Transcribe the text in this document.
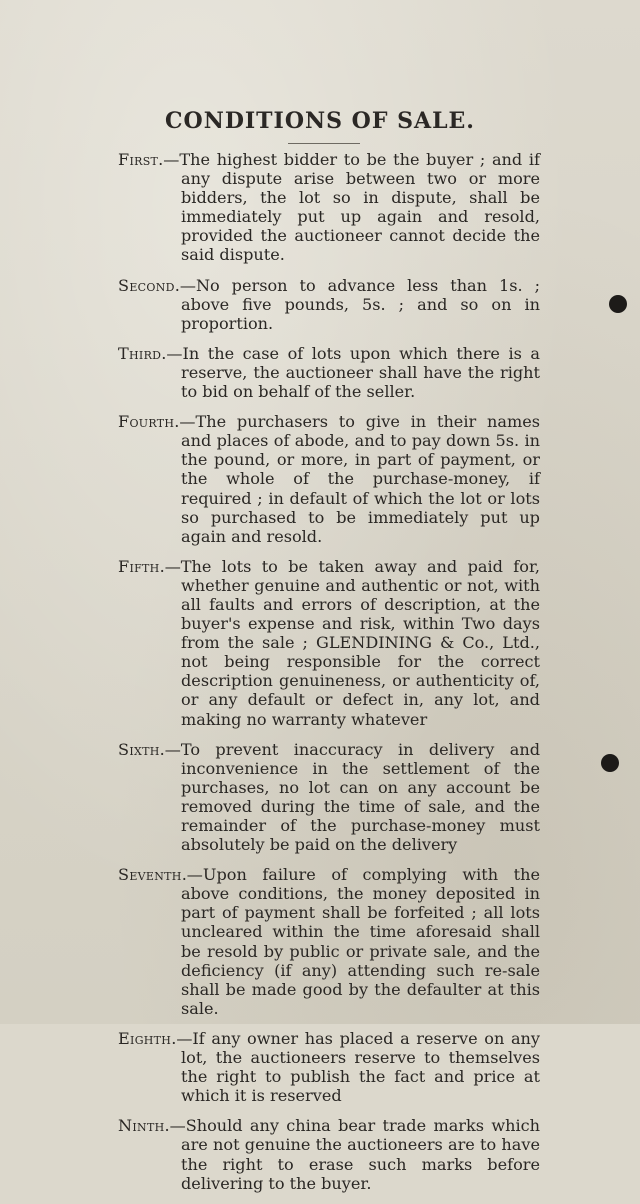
CONDITIONS OF SALE.
First.—The highest bidder to be the buyer ; and if any dispute arise between two or more bidders, the lot so in dispute, shall be immediately put up again and resold, provided the auctioneer cannot decide the said dispute.
Second.—No person to advance less than 1s. ; above five pounds, 5s. ; and so on in proportion.
Third.—In the case of lots upon which there is a reserve, the auctioneer shall have the right to bid on behalf of the seller.
Fourth.—The purchasers to give in their names and places of abode, and to pay down 5s. in the pound, or more, in part of payment, or the whole of the purchase-money, if required ; in default of which the lot or lots so purchased to be immediately put up again and resold.
Fifth.—The lots to be taken away and paid for, whether genuine and authentic or not, with all faults and errors of description, at the buyer's expense and risk, within Two days from the sale ; GLENDINING & Co., Ltd., not being responsible for the correct description genuineness, or authenticity of, or any default or defect in, any lot, and making no warranty whatever
Sixth.—To prevent inaccuracy in delivery and inconvenience in the settlement of the purchases, no lot can on any account be removed during the time of sale, and the remainder of the purchase-money must absolutely be paid on the delivery
Seventh.—Upon failure of complying with the above conditions, the money deposited in part of payment shall be forfeited ; all lots uncleared within the time aforesaid shall be resold by public or private sale, and the deficiency (if any) attending such re-sale shall be made good by the defaulter at this sale.
Eighth.—If any owner has placed a reserve on any lot, the auctioneers reserve to themselves the right to publish the fact and price at which it is reserved
Ninth.—Should any china bear trade marks which are not genuine the auctioneers are to have the right to erase such marks before delivering to the buyer.
